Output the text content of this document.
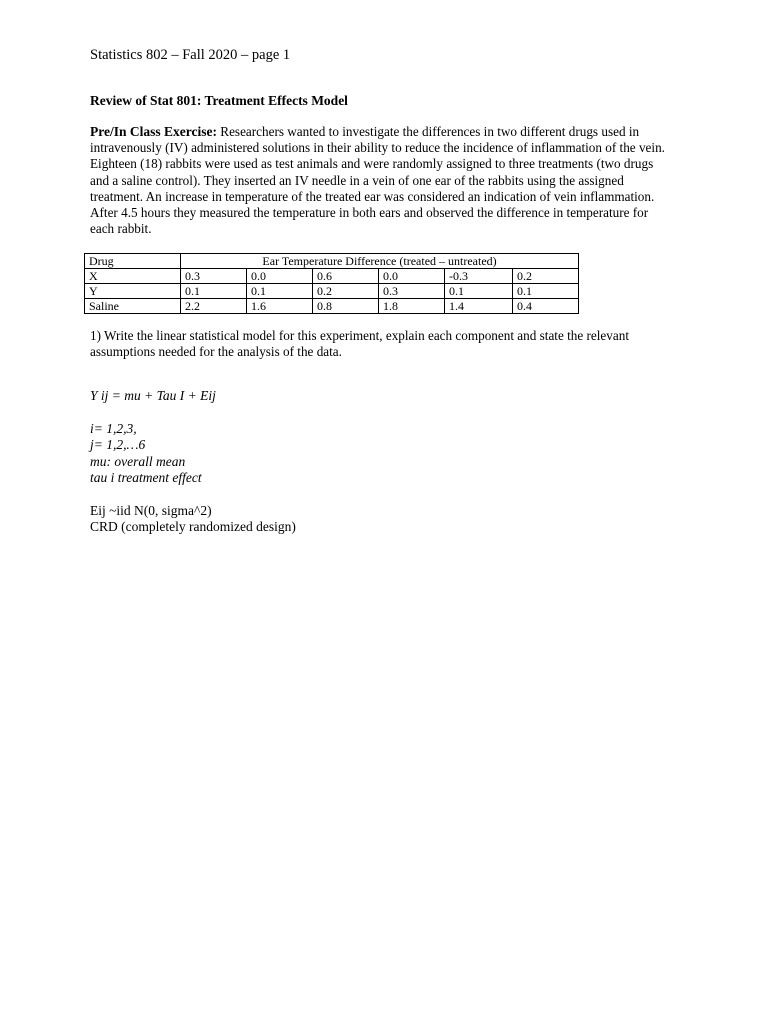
Statistics 802 – Fall 2020 – page 1
Review of Stat 801: Treatment Effects Model
Pre/In Class Exercise: Researchers wanted to investigate the differences in two different drugs used in
intravenously (IV) administered solutions in their ability to reduce the incidence of inflammation of the vein.
Eighteen (18) rabbits were used as test animals and were randomly assigned to three treatments (two drugs
and a saline control). They inserted an IV needle in a vein of one ear of the rabbits using the assigned
treatment. An increase in temperature of the treated ear was considered an indication of vein inflammation.
After 4.5 hours they measured the temperature in both ears and observed the difference in temperature for
each rabbit.
Drug	Ear Temperature Difference (treated – untreated)					
X	0.3	0.0	0.6	0.0	-0.3	0.2
Y	0.1	0.1	0.2	0.3	0.1	0.1
Saline	2.2	1.6	0.8	1.8	1.4	0.4
1) Write the linear statistical model for this experiment, explain each component and state the relevant
assumptions needed for the analysis of the data.
Y ij = mu + Tau I + Eij
i= 1,2,3,
j= 1,2,…6
mu: overall mean
tau i treatment effect
Eij ~iid N(0, sigma^2)
CRD (completely randomized design)
